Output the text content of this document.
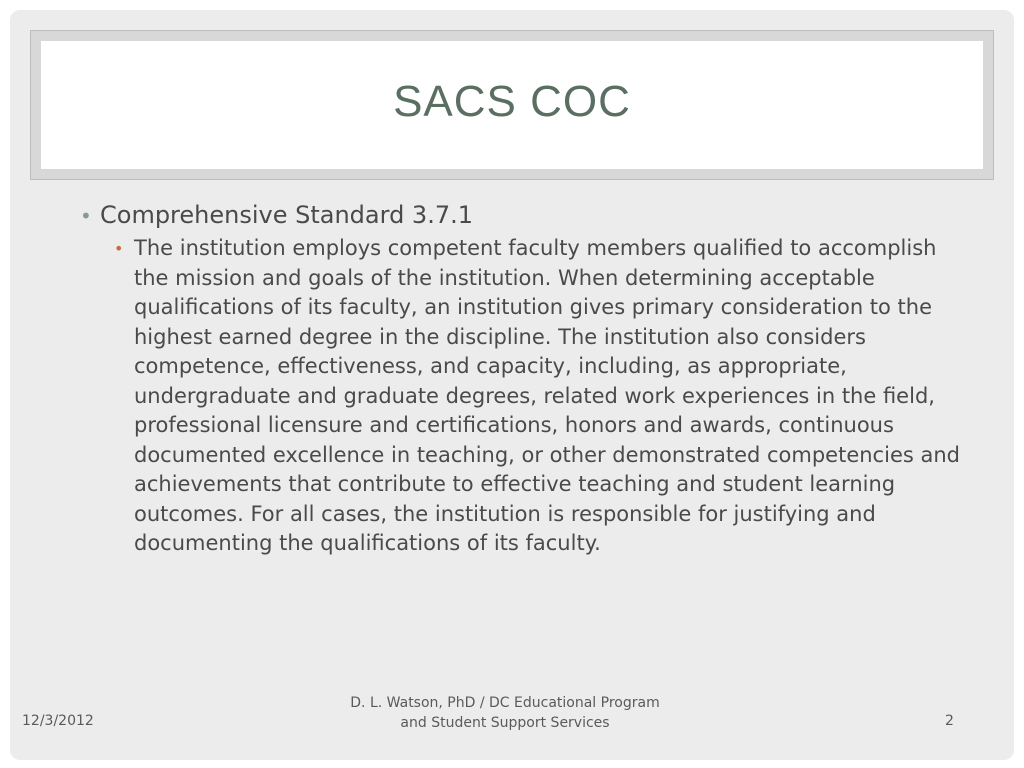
SACS COC
• Comprehensive Standard 3.7.1
• The institution employs competent faculty members qualified to accomplish the mission and goals of the institution. When determining acceptable qualifications of its faculty, an institution gives primary consideration to the highest earned degree in the discipline. The institution also considers competence, effectiveness, and capacity, including, as appropriate, undergraduate and graduate degrees, related work experiences in the field, professional licensure and certifications, honors and awards, continuous documented excellence in teaching, or other demonstrated competencies and achievements that contribute to effective teaching and student learning outcomes. For all cases, the institution is responsible for justifying and documenting the qualifications of its faculty.
12/3/2012
D. L. Watson, PhD / DC Educational Program and Student Support Services	2
